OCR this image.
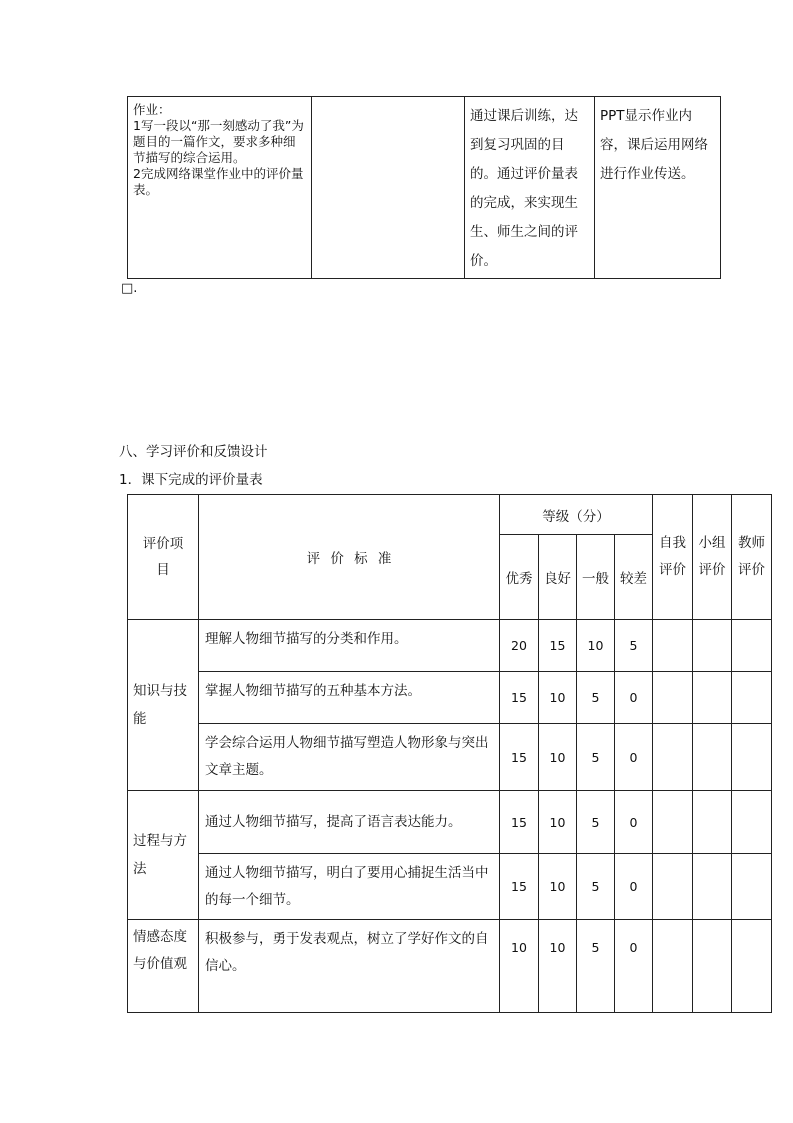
作业：
1写一段以“那一刻感动了我”为题目的一篇作文，要求多种细节描写的综合运用。
2完成网络课堂作业中的评价量表。
		通过课后训练，达到复习巩固的目的。通过评价量表的完成，来实现生生、师生之间的评价。	PPT显示作业内容，课后运用网络进行作业传送。
□.
八、学习评价和反馈设计
1．课下完成的评价量表
评价项目	评 价 标 准	等级（分）				自我评价	小组评价	教师评价
		优秀	良好	一般	较差			

知识与技能	理解人物细节描写的分类和作用。	20	15	10	5			
	掌握人物细节描写的五种基本方法。	15	10	5	0			
	学会综合运用人物细节描写塑造人物形象与突出文章主题。	15	10	5	0			

过程与方法	通过人物细节描写，提高了语言表达能力。	15	10	5	0			
	通过人物细节描写，明白了要用心捕捉生活当中的每一个细节。	15	10	5	0			

情感态度与价值观	积极参与，勇于发表观点，树立了学好作文的自信心。	10	10	5	0			
